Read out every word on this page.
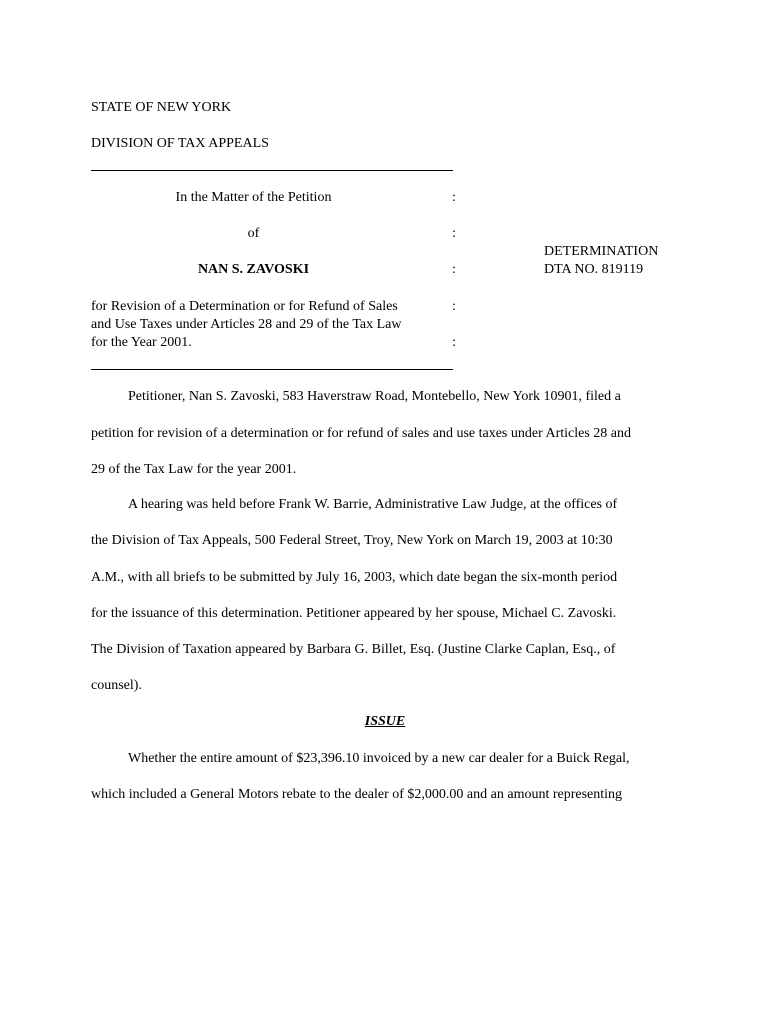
STATE OF NEW YORK
DIVISION OF TAX APPEALS
In the Matter of the Petition	:
of	:
NAN S. ZAVOSKI	:
for Revision of a Determination or for Refund of Sales	:
and Use Taxes under Articles 28 and 29 of the Tax Law
for the Year 2001.	:
DETERMINATION
DTA NO. 819119
Petitioner, Nan S. Zavoski, 583 Haverstraw Road, Montebello, New York 10901, filed a
petition for revision of a determination or for refund of sales and use taxes under Articles 28 and
29 of the Tax Law for the year 2001.
A hearing was held before Frank W. Barrie, Administrative Law Judge, at the offices of
the Division of Tax Appeals, 500 Federal Street, Troy, New York on March 19, 2003 at 10:30
A.M., with all briefs to be submitted by July 16, 2003, which date began the six-month period
for the issuance of this determination. Petitioner appeared by her spouse, Michael C. Zavoski.
The Division of Taxation appeared by Barbara G. Billet, Esq. (Justine Clarke Caplan, Esq., of
counsel).
ISSUE
Whether the entire amount of $23,396.10 invoiced by a new car dealer for a Buick Regal,
which included a General Motors rebate to the dealer of $2,000.00 and an amount representing
